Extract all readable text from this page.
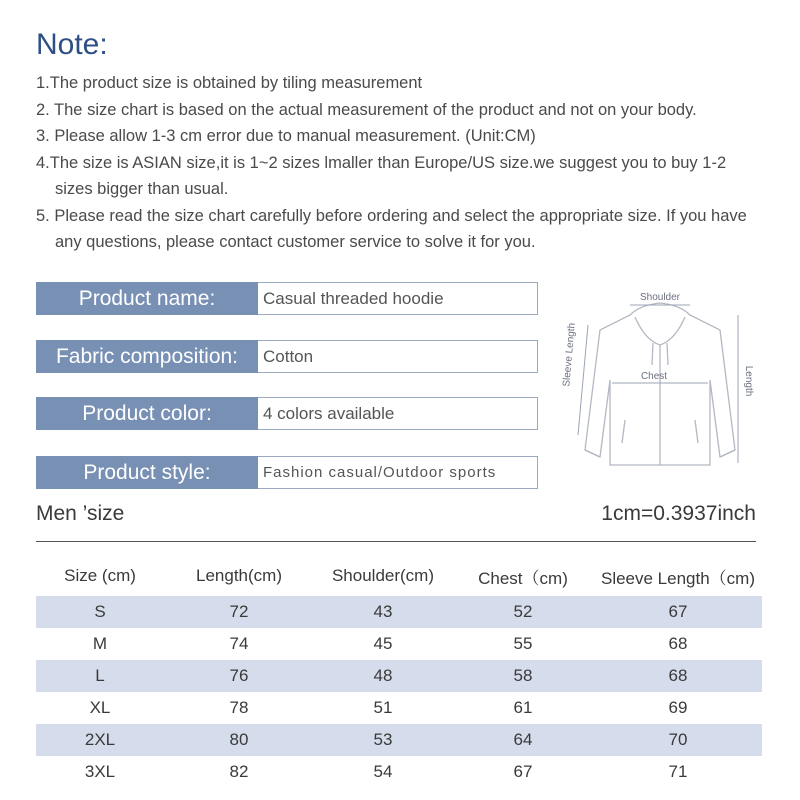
Note:
1.The product size is obtained by tiling measurement
2. The size chart is based on the actual measurement of the product and not on your body.
3. Please allow 1-3 cm error due to manual measurement. (Unit:CM)
4.The size is ASIAN size,it is 1~2 sizes lmaller than Europe/US size.we suggest you to buy 1-2
sizes bigger than usual.
5. Please read the size chart carefully before ordering and select the appropriate size. If you have
any questions, please contact customer service to solve it for you.
Product name:	Casual threaded hoodie
Fabric composition:	Cotton
Product color:	4 colors available
Product style:	Fashion casual/Outdoor sports
Shoulder
Chest
Sleeve Length	Length
Men ’size	1cm=0.3937inch
Size (cm)	Length(cm)	Shoulder(cm)	Chest（cm)	Sleeve Length（cm)
S	72	43	52	67
M	74	45	55	68
L	76	48	58	68
XL	78	51	61	69
2XL	80	53	64	70
3XL	82	54	67	71
